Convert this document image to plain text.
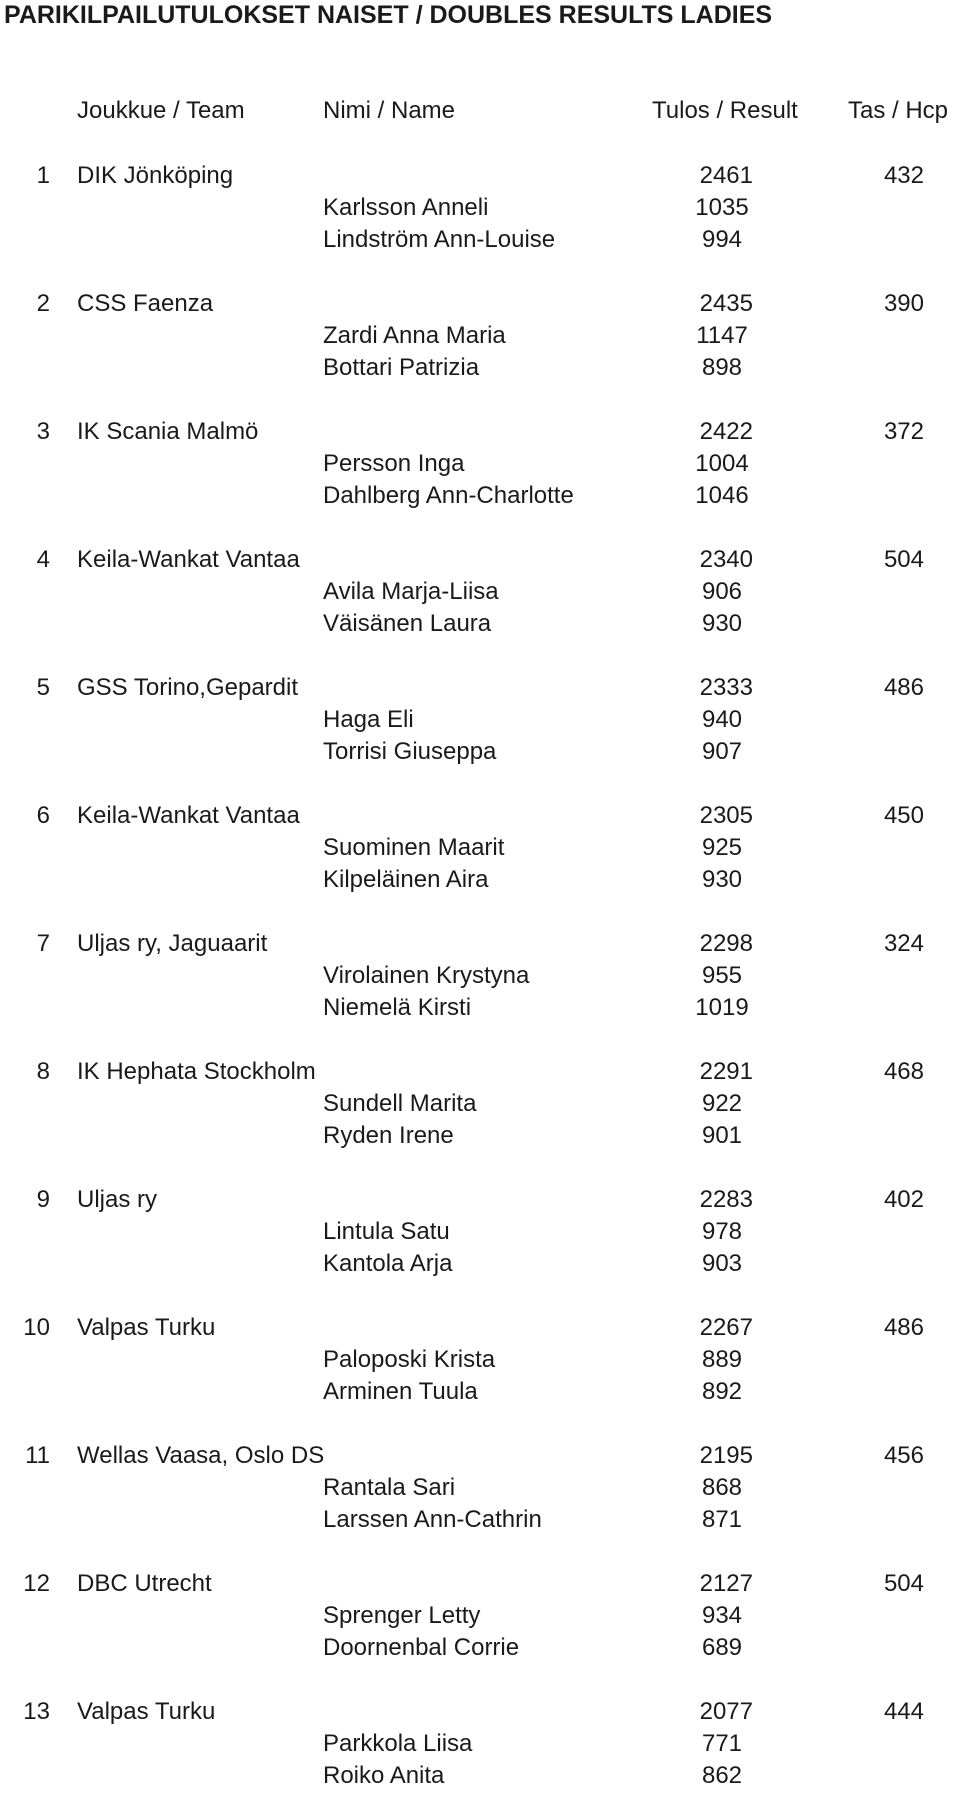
PARIKILPAILUTULOKSET NAISET / DOUBLES RESULTS LADIES
Joukkue / Team	Nimi / Name	Tulos / Result Tas / Hcp
1 DIK Jönköping	2461	432
Karlsson Anneli	1035
Lindström Ann-Louise	994
2 CSS Faenza	2435	390
Zardi Anna Maria	1147
Bottari Patrizia	898
3 IK Scania Malmö	2422	372
Persson Inga	1004
Dahlberg Ann-Charlotte	1046
4 Keila-Wankat Vantaa	2340	504
Avila Marja-Liisa	906
Väisänen Laura	930
5 GSS Torino,Gepardit	2333	486
Haga Eli	940
Torrisi Giuseppa	907
6 Keila-Wankat Vantaa	2305	450
Suominen Maarit	925
Kilpeläinen Aira	930
7 Uljas ry, Jaguaarit	2298	324
Virolainen Krystyna	955
Niemelä Kirsti	1019
8 IK Hephata Stockholm	2291	468
Sundell Marita	922
Ryden Irene	901
9 Uljas ry	2283	402
Lintula Satu	978
Kantola Arja	903
10 Valpas Turku	2267	486
Paloposki Krista	889
Arminen Tuula	892
11 Wellas Vaasa, Oslo DS	2195	456
Rantala Sari	868
Larssen Ann-Cathrin	871
12 DBC Utrecht	2127	504
Sprenger Letty	934
Doornenbal Corrie	689
13 Valpas Turku	2077	444
Parkkola Liisa	771
Roiko Anita	862
